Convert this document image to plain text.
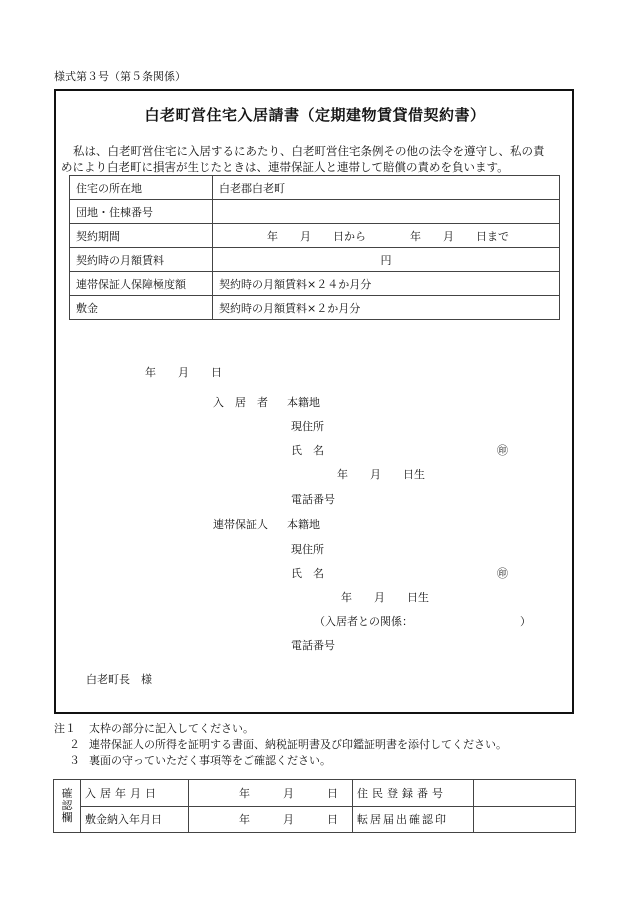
様式第３号（第５条関係）
白老町営住宅入居請書（定期建物賃貸借契約書）
私は、白老町営住宅に入居するにあたり、白老町営住宅条例その他の法令を遵守し、私の責
めにより白老町に損害が生じたときは、連帯保証人と連帯して賠償の責めを負います。
住宅の所在地	白老郡白老町
団地・住棟番号	
契約期間	年　　月　　日から　　　　年　　月　　日まで
契約時の月額賃料	円
連帯保証人保障極度額	契約時の月額賃料×２４か月分
敷金	契約時の月額賃料×２か月分
年　　月　　日
入　居　者 本籍地
現住所
氏　名	㊞
年　　月　　日生
電話番号
連帯保証人 本籍地
現住所
氏　名	㊞
年　　月　　日生
（入居者との関係：	）
電話番号
白老町長　様
注１ 太枠の部分に記入してください。
２ 連帯保証人の所得を証明する書面、納税証明書及び印鑑証明書を添付してください。
３ 裏面の守っていただく事項等をご確認ください。
確認欄	入居年月日	年　　　月　　　日	住民登録番号	
	敷金納入年月日	年　　　月　　　日	転居届出確認印	
